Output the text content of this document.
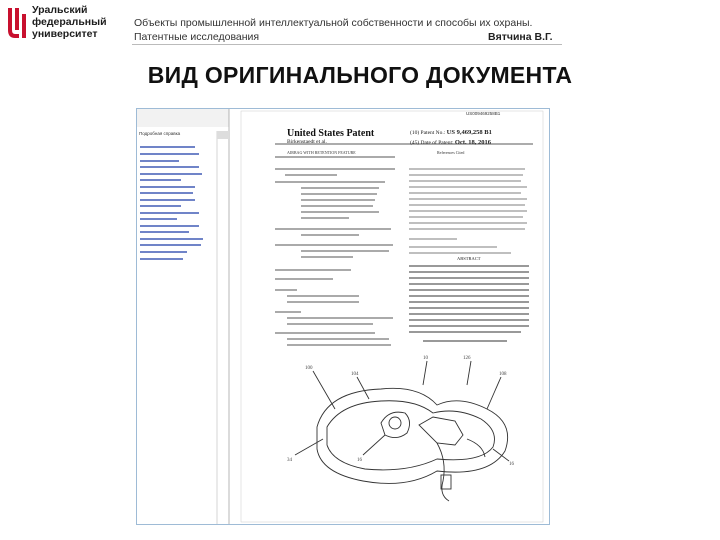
Уральский
федеральный
университет
Объекты промышленной интеллектуальной собственности и способы их охраны.
Патентные исследования	Вятчина В.Г.
ВИД ОРИГИНАЛЬНОГО ДОКУМЕНТА
100
104
10	126
108
16
16
34
US009469258B1
Подробная справка	United States Patent
Birkenstaedt et al.
(10) Patent No.: US 9,469,258 B1
(45) Date of Patent: Oct. 18, 2016
AIRBAG WITH RETENTION FEATURE	References Cited
ABSTRACT
